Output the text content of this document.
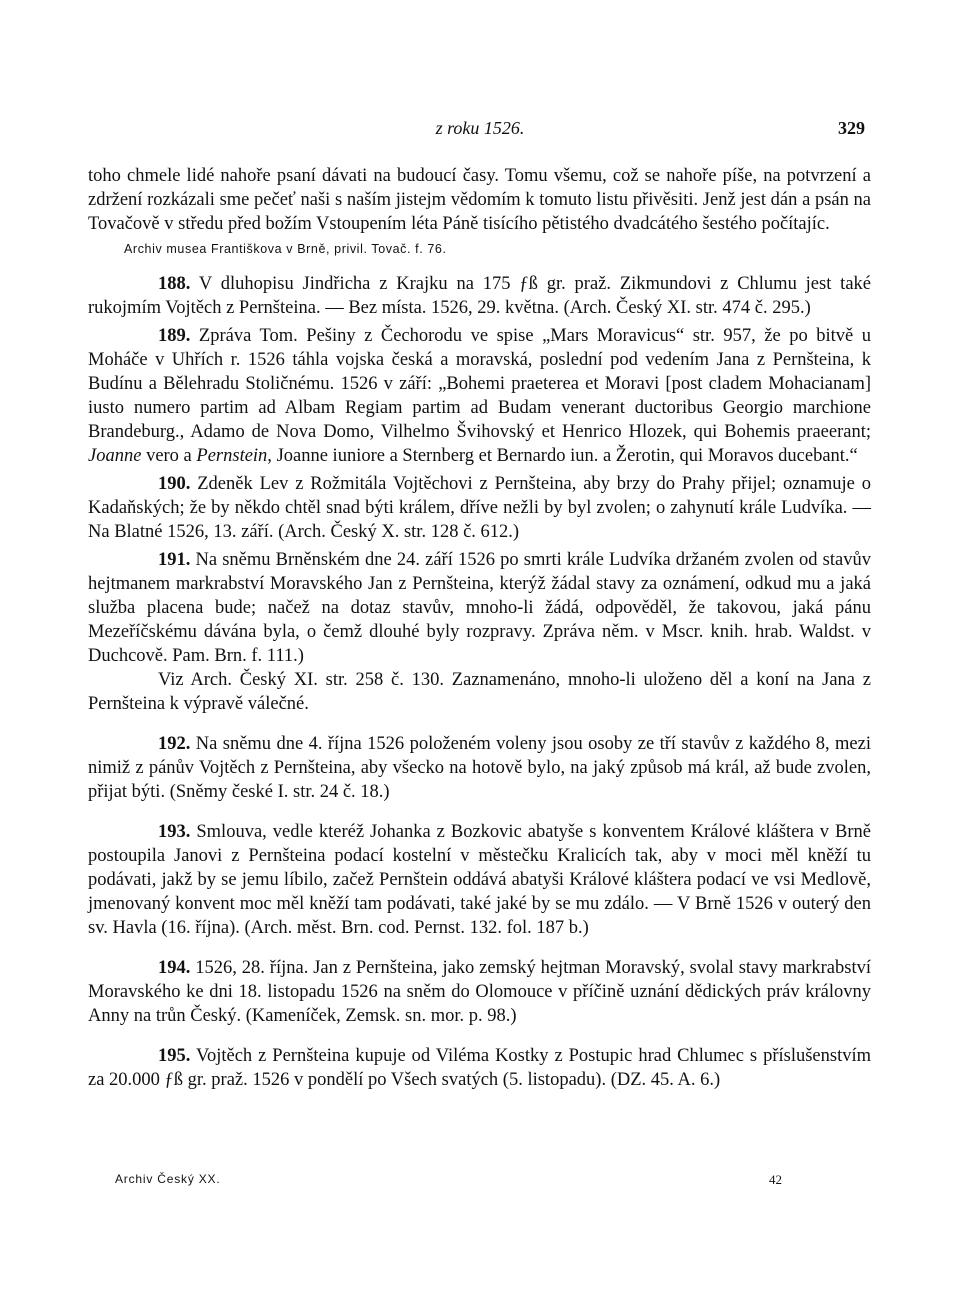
z roku 1526.	329

toho chmele lidé nahoře psaní dávati na budoucí časy. Tomu všemu, což se nahoře píše, na potvrzení a zdržení rozkázali sme pečeť naši s naším jistejm vědomím k tomuto listu přivěsiti. Jenž jest dán a psán na Tovačově v středu před božím Vstoupením léta Páně tisícího pětistého dvadcátého šestého počítajíc.

Archiv musea Františkova v Brně, privil. Tovač. f. 76.

188. V dluhopisu Jindřicha z Krajku na 175 ƒß gr. praž. Zikmundovi z Chlumu jest také rukojmím Vojtěch z Pernšteina. — Bez místa. 1526, 29. května. (Arch. Český XI. str. 474 č. 295.)

189. Zpráva Tom. Pešiny z Čechorodu ve spise „Mars Moravicus“ str. 957, že po bitvě u Moháče v Uhřích r. 1526 táhla vojska česká a moravská, poslední pod vedením Jana z Pernšteina, k Budínu a Bělehradu Stoličnému. 1526 v září: „Bohemi praeterea et Moravi [post cladem Mohacianam] iusto numero partim ad Albam Regiam partim ad Budam venerant ductoribus Georgio marchione Brandeburg., Adamo de Nova Domo, Vilhelmo Švihovský et Henrico Hlozek, qui Bohemis praeerant; Joanne vero a Pernstein, Joanne iuniore a Sternberg et Bernardo iun. a Žerotin, qui Moravos ducebant.“

190. Zdeněk Lev z Rožmitála Vojtěchovi z Pernšteina, aby brzy do Prahy přijel; oznamuje o Kadaňských; že by někdo chtěl snad býti králem, dříve nežli by byl zvolen; o zahynutí krále Ludvíka. — Na Blatné 1526, 13. září. (Arch. Český X. str. 128 č. 612.)

191. Na sněmu Brněnském dne 24. září 1526 po smrti krále Ludvíka držaném zvolen od stavův hejtmanem markrabství Moravského Jan z Pernšteina, kterýž žádal stavy za oznámení, odkud mu a jaká služba placena bude; načež na dotaz stavův, mnoho-li žádá, odpověděl, že takovou, jaká pánu Mezeříčskému dávána byla, o čemž dlouhé byly rozpravy. Zpráva něm. v Mscr. knih. hrab. Waldst. v Duchcově. Pam. Brn. f. 111.)

Viz Arch. Český XI. str. 258 č. 130. Zaznamenáno, mnoho-li uloženo děl a koní na Jana z Pernšteina k výpravě válečné.

192. Na sněmu dne 4. října 1526 položeném voleny jsou osoby ze tří stavův z každého 8, mezi nimiž z pánův Vojtěch z Pernšteina, aby všecko na hotově bylo, na jaký způsob má král, až bude zvolen, přijat býti. (Sněmy české I. str. 24 č. 18.)

193. Smlouva, vedle kteréž Johanka z Bozkovic abatyše s konventem Králové kláštera v Brně postoupila Janovi z Pernšteina podací kostelní v městečku Kralicích tak, aby v moci měl kněží tu podávati, jakž by se jemu líbilo, začež Pernštein oddává abatyši Králové kláštera podací ve vsi Medlově, jmenovaný konvent moc měl kněží tam podávati, také jaké by se mu zdálo. — V Brně 1526 v outerý den sv. Havla (16. října). (Arch. měst. Brn. cod. Pernst. 132. fol. 187 b.)

194. 1526, 28. října. Jan z Pernšteina, jako zemský hejtman Moravský, svolal stavy markrabství Moravského ke dni 18. listopadu 1526 na sněm do Olomouce v příčině uznání dědických práv královny Anny na trůn Český. (Kameníček, Zemsk. sn. mor. p. 98.)

195. Vojtěch z Pernšteina kupuje od Viléma Kostky z Postupic hrad Chlumec s příslušenstvím za 20.000 ƒß gr. praž. 1526 v pondělí po Všech svatých (5. listopadu). (DZ. 45. A. 6.)

Archiv Český XX.	42
